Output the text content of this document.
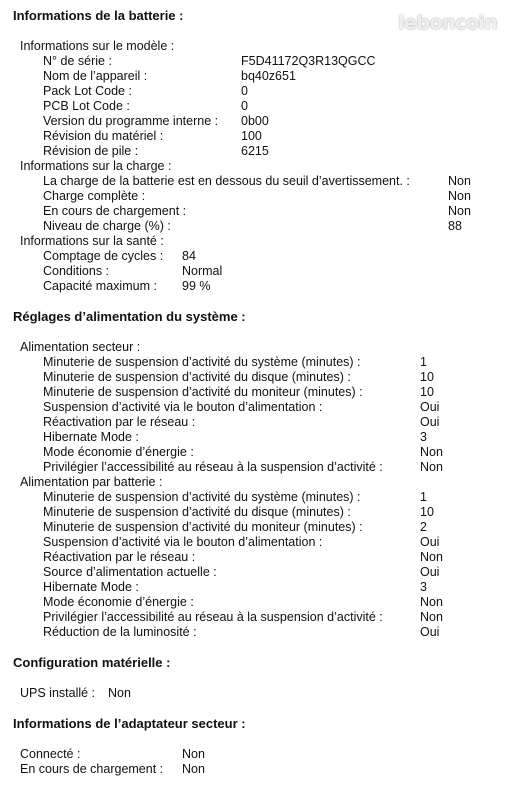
leboncoin
Informations de la batterie :
Informations sur le modèle :
N° de série :	F5D41172Q3R13QGCC
Nom de l’appareil :	bq40z651
Pack Lot Code :	0
PCB Lot Code :	0
Version du programme interne : 0b00
Révision du matériel :	100
Révision de pile :	6215
Informations sur la charge :
La charge de la batterie est en dessous du seuil d’avertissement. :	Non
Charge complète :	Non
En cours de chargement :	Non
Niveau de charge (%) :	88
Informations sur la santé :
Comptage de cycles : 84
Conditions :	Normal
Capacité maximum : 99 %
Réglages d’alimentation du système :
Alimentation secteur :
Minuterie de suspension d’activité du système (minutes) :	1
Minuterie de suspension d’activité du disque (minutes) :	10
Minuterie de suspension d’activité du moniteur (minutes) :	10
Suspension d’activité via le bouton d’alimentation :	Oui
Réactivation par le réseau :	Oui
Hibernate Mode :	3
Mode économie d’énergie :	Non
Privilégier l’accessibilité au réseau à la suspension d’activité :	Non
Alimentation par batterie :
Minuterie de suspension d’activité du système (minutes) :	1
Minuterie de suspension d’activité du disque (minutes) :	10
Minuterie de suspension d’activité du moniteur (minutes) :	2
Suspension d’activité via le bouton d’alimentation :	Oui
Réactivation par le réseau :	Non
Source d’alimentation actuelle :	Oui
Hibernate Mode :	3
Mode économie d’énergie :	Non
Privilégier l’accessibilité au réseau à la suspension d’activité :	Non
Réduction de la luminosité :	Oui
Configuration matérielle :
UPS installé : Non
Informations de l’adaptateur secteur :
Connecté :	Non
En cours de chargement : Non
